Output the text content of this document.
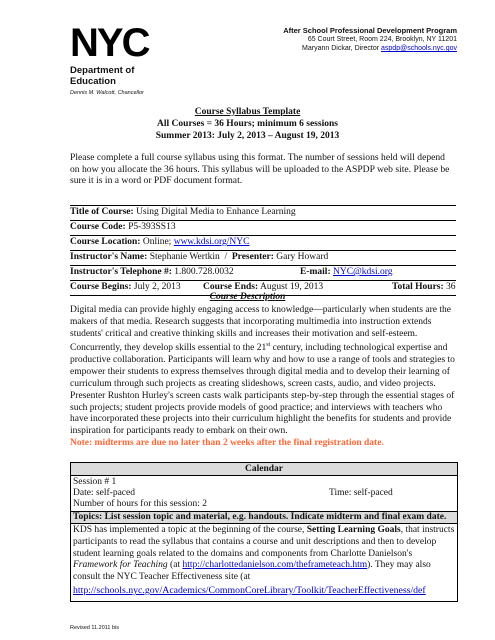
NYC
Department of
Education
Dennis M. Walcott, Chancellor
After School Professional Development Program
65 Court Street, Room 224, Brooklyn, NY 11201
Maryann Dickar, Director aspdp@schools.nyc.gov
Course Syllabus Template
All Courses = 36 Hours; minimum 6 sessions
Summer 2013: July 2, 2013 – August 19, 2013
Please complete a full course syllabus using this format. The number of sessions held will depend on how you allocate the 36 hours. This syllabus will be uploaded to the ASPDP web site. Please be sure it is in a word or PDF document format.
Title of Course: Using Digital Media to Enhance Learning
Course Code: P5-393SS13
Course Location: Online; www.kdsi.org/NYC
Instructor's Name: Stephanie Wertkin / Presenter: Gary Howard
Instructor's Telephone #: 1.800.728.0032	E-mail: NYC@kdsi.org
Course Begins: July 2, 2013 Course Ends: August 19, 2013	Total Hours: 36
Course Description
Digital media can provide highly engaging access to knowledge—particularly when students are the makers of that media. Research suggests that incorporating multimedia into instruction extends students' critical and creative thinking skills and increases their motivation and self-esteem. Concurrently, they develop skills essential to the 21st century, including technological expertise and productive collaboration. Participants will learn why and how to use a range of tools and strategies to empower their students to express themselves through digital media and to develop their learning of curriculum through such projects as creating slideshows, screen casts, audio, and video projects. Presenter Rushton Hurley's screen casts walk participants step-by-step through the essential stages of such projects; student projects provide models of good practice; and interviews with teachers who have incorporated these projects into their curriculum highlight the benefits for students and provide inspiration for participants ready to embark on their own.
Note: midterms are due no later than 2 weeks after the final registration date.
Calendar
Session # 1
Date: self-paced	Time: self-paced
Number of hours for this session: 2
Topics: List session topic and material, e.g. handouts. Indicate midterm and final exam date.
KDS has implemented a topic at the beginning of the course, Setting Learning Goals, that instructs participants to read the syllabus that contains a course and unit descriptions and then to develop student learning goals related to the domains and components from Charlotte Danielson's Framework for Teaching (at http://charlottedanielson.com/theframeteach.htm). They may also consult the NYC Teacher Effectiveness site (at
http://schools.nyc.gov/Academics/CommonCoreLibrary/Toolkit/TeacherEffectiveness/def
Revised 11.2011 bis
